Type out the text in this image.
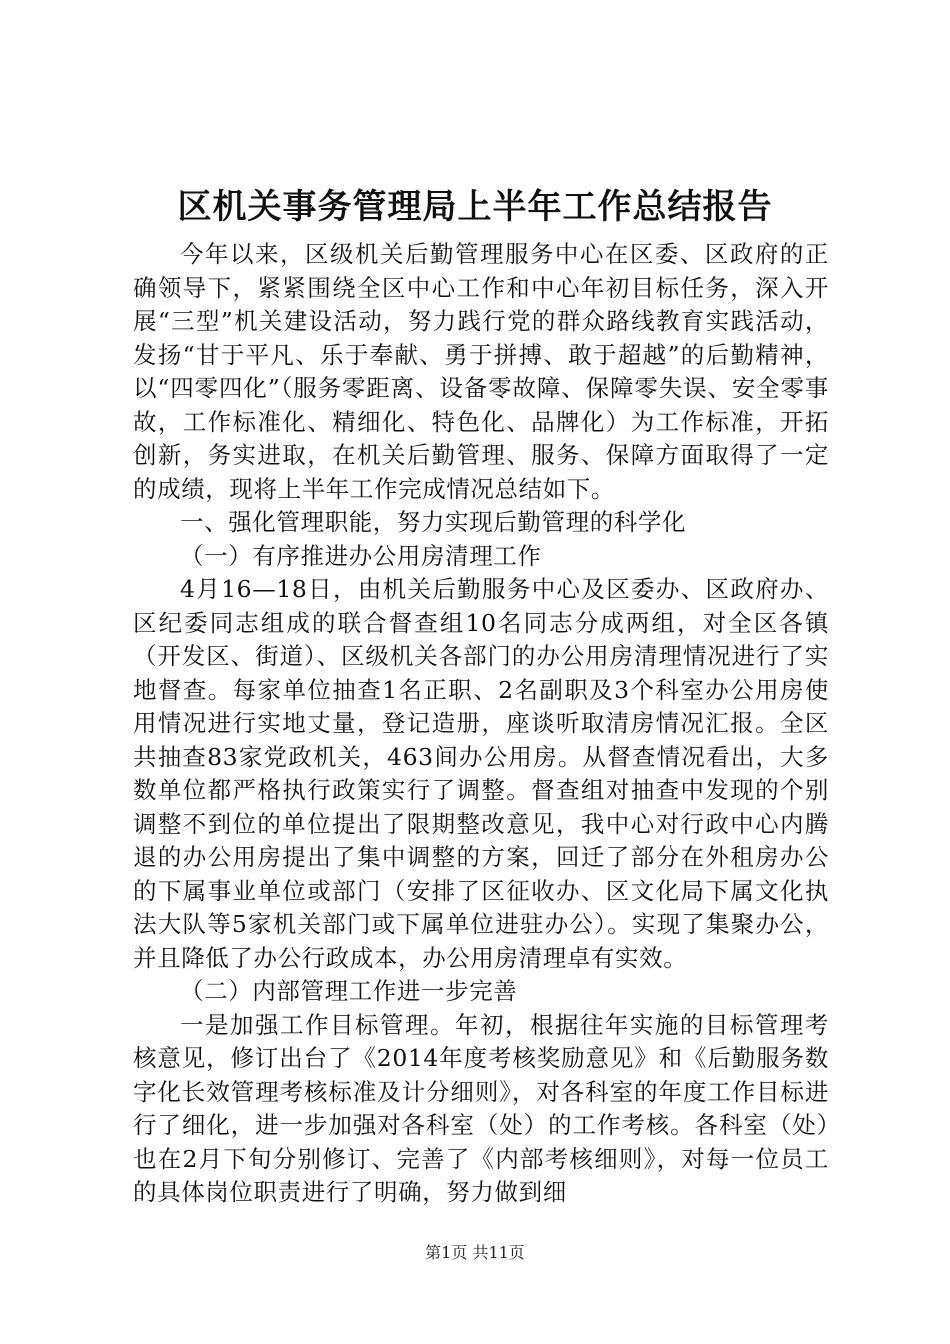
区机关事务管理局上半年工作总结报告

今年以来，区级机关后勤管理服务中心在区委、区政府的正确领导下，紧紧围绕全区中心工作和中心年初目标任务，深入开展“三型”机关建设活动，努力践行党的群众路线教育实践活动，发扬“甘于平凡、乐于奉献、勇于拼搏、敢于超越”的后勤精神，以“四零四化”（服务零距离、设备零故障、保障零失误、安全零事故，工作标准化、精细化、特色化、品牌化）为工作标准，开拓创新，务实进取，在机关后勤管理、服务、保障方面取得了一定的成绩，现将上半年工作完成情况总结如下。

一、强化管理职能，努力实现后勤管理的科学化

（一）有序推进办公用房清理工作

4月16—18日，由机关后勤服务中心及区委办、区政府办、区纪委同志组成的联合督查组10名同志分成两组，对全区各镇（开发区、街道）、区级机关各部门的办公用房清理情况进行了实地督查。每家单位抽查1名正职、2名副职及3个科室办公用房使用情况进行实地丈量，登记造册，座谈听取清房情况汇报。全区共抽查83家党政机关，463间办公用房。从督查情况看出，大多数单位都严格执行政策实行了调整。督查组对抽查中发现的个别调整不到位的单位提出了限期整改意见，我中心对行政中心内腾退的办公用房提出了集中调整的方案，回迁了部分在外租房办公的下属事业单位或部门（安排了区征收办、区文化局下属文化执法大队等5家机关部门或下属单位进驻办公）。实现了集聚办公，并且降低了办公行政成本，办公用房清理卓有实效。

（二）内部管理工作进一步完善

一是加强工作目标管理。年初，根据往年实施的目标管理考核意见，修订出台了《2014年度考核奖励意见》和《后勤服务数字化长效管理考核标准及计分细则》，对各科室的年度工作目标进行了细化，进一步加强对各科室（处）的工作考核。各科室（处）也在2月下旬分别修订、完善了《内部考核细则》，对每一位员工的具体岗位职责进行了明确，努力做到细

第1页 共11页
